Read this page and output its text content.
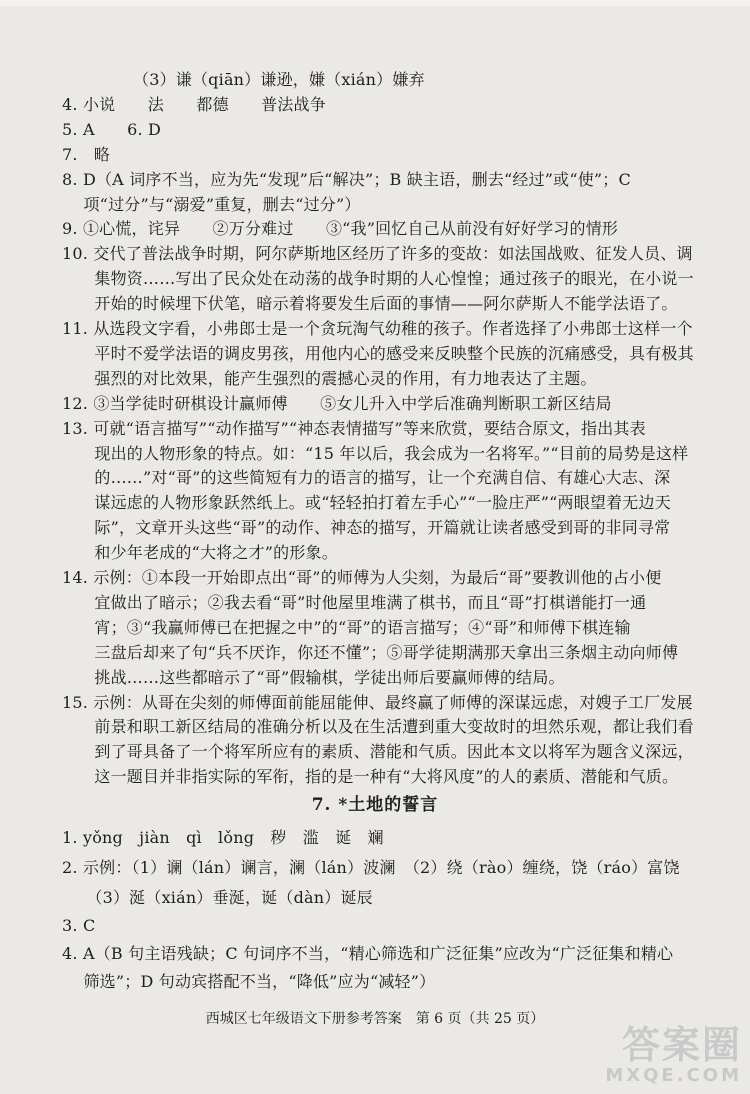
（3）谦（qiān）谦逊，嫌（xián）嫌弃
4. 小说　　法　　都德　　普法战争
5. A　　6. D
7.　略
8. D（A 词序不当，应为先“发现”后“解决”；B 缺主语，删去“经过”或“使”；C
　 项“过分”与“溺爱”重复，删去“过分”）
9. ①心慌，诧异　　②万分难过　　③“我”回忆自己从前没有好好学习的情形
10. 交代了普法战争时期，阿尔萨斯地区经历了许多的变故：如法国战败、征发人员、调
　　集物资……写出了民众处在动荡的战争时期的人心惶惶；通过孩子的眼光，在小说一
　　开始的时候埋下伏笔，暗示着将要发生后面的事情——阿尔萨斯人不能学法语了。
11. 从选段文字看，小弗郎士是一个贪玩淘气幼稚的孩子。作者选择了小弗郎士这样一个
　　平时不爱学法语的调皮男孩，用他内心的感受来反映整个民族的沉痛感受，具有极其
　　强烈的对比效果，能产生强烈的震撼心灵的作用，有力地表达了主题。
12. ③当学徒时研棋设计赢师傅　　⑤女儿升入中学后准确判断职工新区结局
13. 可就“语言描写”“动作描写”“神态表情描写”等来欣赏，要结合原文，指出其表
　　现出的人物形象的特点。如：“15 年以后，我会成为一名将军。”“目前的局势是这样
　　的……”对“哥”的这些简短有力的语言的描写，让一个充满自信、有雄心大志、深
　　谋远虑的人物形象跃然纸上。或“轻轻拍打着左手心”“一脸庄严”“两眼望着无边天
　　际”，文章开头这些“哥”的动作、神态的描写，开篇就让读者感受到哥的非同寻常
　　和少年老成的“大将之才”的形象。
14. 示例：①本段一开始即点出“哥”的师傅为人尖刻，为最后“哥”要教训他的占小便
　　宜做出了暗示；②我去看“哥”时他屋里堆满了棋书，而且“哥”打棋谱能打一通
　　宵；③“我赢师傅已在把握之中”的“哥”的语言描写；④“哥”和师傅下棋连输
　　三盘后却来了句“兵不厌诈，你还不懂”；⑤哥学徒期满那天拿出三条烟主动向师傅
　　挑战……这些都暗示了“哥”假输棋，学徒出师后要赢师傅的结局。
15. 示例：从哥在尖刻的师傅面前能屈能伸、最终赢了师傅的深谋远虑，对嫂子工厂发展
　　前景和职工新区结局的准确分析以及在生活遭到重大变故时的坦然乐观，都让我们看
　　到了哥具备了一个将军所应有的素质、潜能和气质。因此本文以将军为题含义深远，
　　这一题目并非指实际的军衔，指的是一种有“大将风度”的人的素质、潜能和气质。
7. *土地的誓言
1. yǒng　jiàn　qì　lǒng　秽　滥　诞　斓
2. 示例：（1）谰（lán）谰言，澜（lán）波澜　（2）绕（rào）缠绕，饶（ráo）富饶
　　（3）涎（xián）垂涎，诞（dàn）诞辰
3. C
4. A（B 句主语残缺；C 句词序不当，“精心筛选和广泛征集”应改为“广泛征集和精心
　 筛选”；D 句动宾搭配不当，“降低”应为“减轻”）
西城区七年级语文下册参考答案　第 6 页（共 25 页）
答案圈
MXQE.COM
